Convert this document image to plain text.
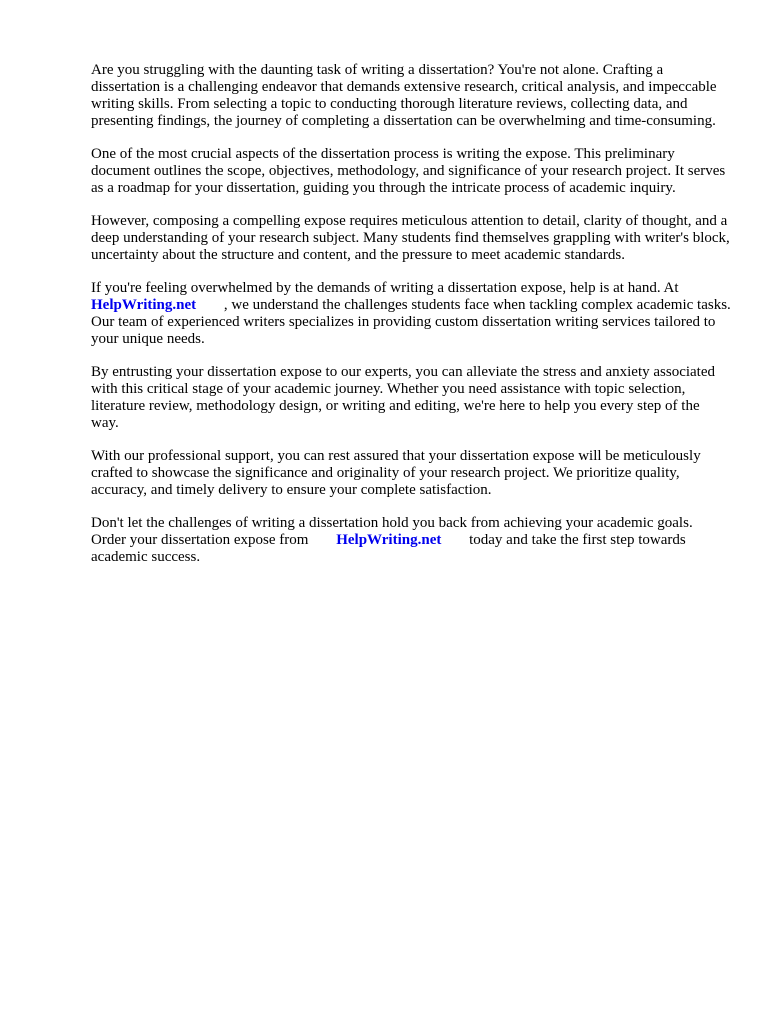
Are you struggling with the daunting task of writing a dissertation? You're not alone. Crafting a dissertation is a challenging endeavor that demands extensive research, critical analysis, and impeccable writing skills. From selecting a topic to conducting thorough literature reviews, collecting data, and presenting findings, the journey of completing a dissertation can be overwhelming and time-consuming.

One of the most crucial aspects of the dissertation process is writing the expose. This preliminary document outlines the scope, objectives, methodology, and significance of your research project. It serves as a roadmap for your dissertation, guiding you through the intricate process of academic inquiry.

However, composing a compelling expose requires meticulous attention to detail, clarity of thought, and a deep understanding of your research subject. Many students find themselves grappling with writer's block, uncertainty about the structure and content, and the pressure to meet academic standards.

If you're feeling overwhelmed by the demands of writing a dissertation expose, help is at hand. At
HelpWriting.net , we understand the challenges students face when tackling complex academic tasks. Our team of experienced writers specializes in providing custom dissertation writing services tailored to your unique needs.

By entrusting your dissertation expose to our experts, you can alleviate the stress and anxiety associated with this critical stage of your academic journey. Whether you need assistance with topic selection, literature review, methodology design, or writing and editing, we're here to help you every step of the way.

With our professional support, you can rest assured that your dissertation expose will be meticulously crafted to showcase the significance and originality of your research project. We prioritize quality, accuracy, and timely delivery to ensure your complete satisfaction.

Don't let the challenges of writing a dissertation hold you back from achieving your academic goals. Order your dissertation expose from HelpWriting.net today and take the first step towards academic success.
